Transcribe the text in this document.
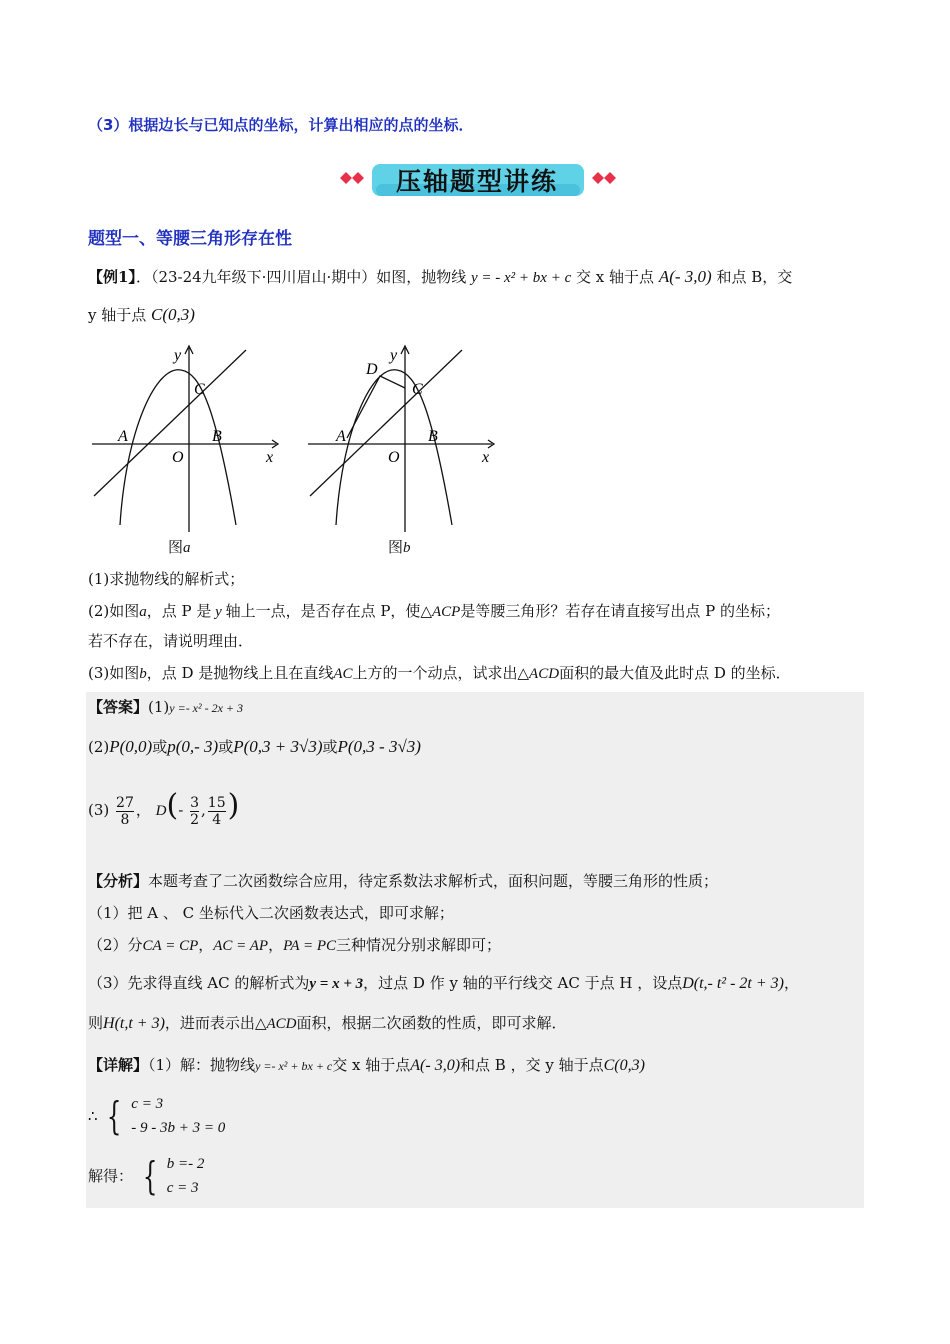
（3）根据边长与已知点的坐标，计算出相应的点的坐标．
压轴题型讲练
题型一、等腰三角形存在性
【例1】．（23-24九年级下·四川眉山·期中）如图，抛物线 y = - x² + bx + c 交 x 轴于点 A(- 3,0) 和点 B，交
y 轴于点 C(0,3)
y
C
A	B
O	x
图a
y
D
C
A	B
O	x
图b
(1)求抛物线的解析式；
(2)如图a，点 P 是 y 轴上一点，是否存在点 P，使△ACP是等腰三角形？若存在请直接写出点 P 的坐标；
若不存在，请说明理由．
(3)如图b，点 D 是抛物线上且在直线AC上方的一个动点，试求出△ACD面积的最大值及此时点 D 的坐标．
【答案】(1)y =- x² - 2x + 3
(2)P(0,0)或p(0,- 3)或P(0,3 + 3√3)或P(0,3 - 3√3)
$(3) \frac{27}{8}$ ， $D(- \frac{3}{2}$ , $\frac{15}{4}$ )
【分析】本题考查了二次函数综合应用，待定系数法求解析式，面积问题，等腰三角形的性质；
（1）把 A 、 C 坐标代入二次函数表达式，即可求解；
（2）分CA = CP，AC = AP，PA = PC三种情况分别求解即可；
（3）先求得直线 AC 的解析式为y = x + 3，过点 D 作 y 轴的平行线交 AC 于点 H ，设点D(t,- t² - 2t + 3)，
则H(t,t + 3)，进而表示出△ACD面积，根据二次函数的性质，即可求解．
【详解】（1）解：抛物线y =- x² + bx + c交 x 轴于点A(- 3,0)和点 B ，交 y 轴于点C(0,3)
∴ { c = 3
- 9 - 3b + 3 = 0
解得： { b =- 2
c = 3
